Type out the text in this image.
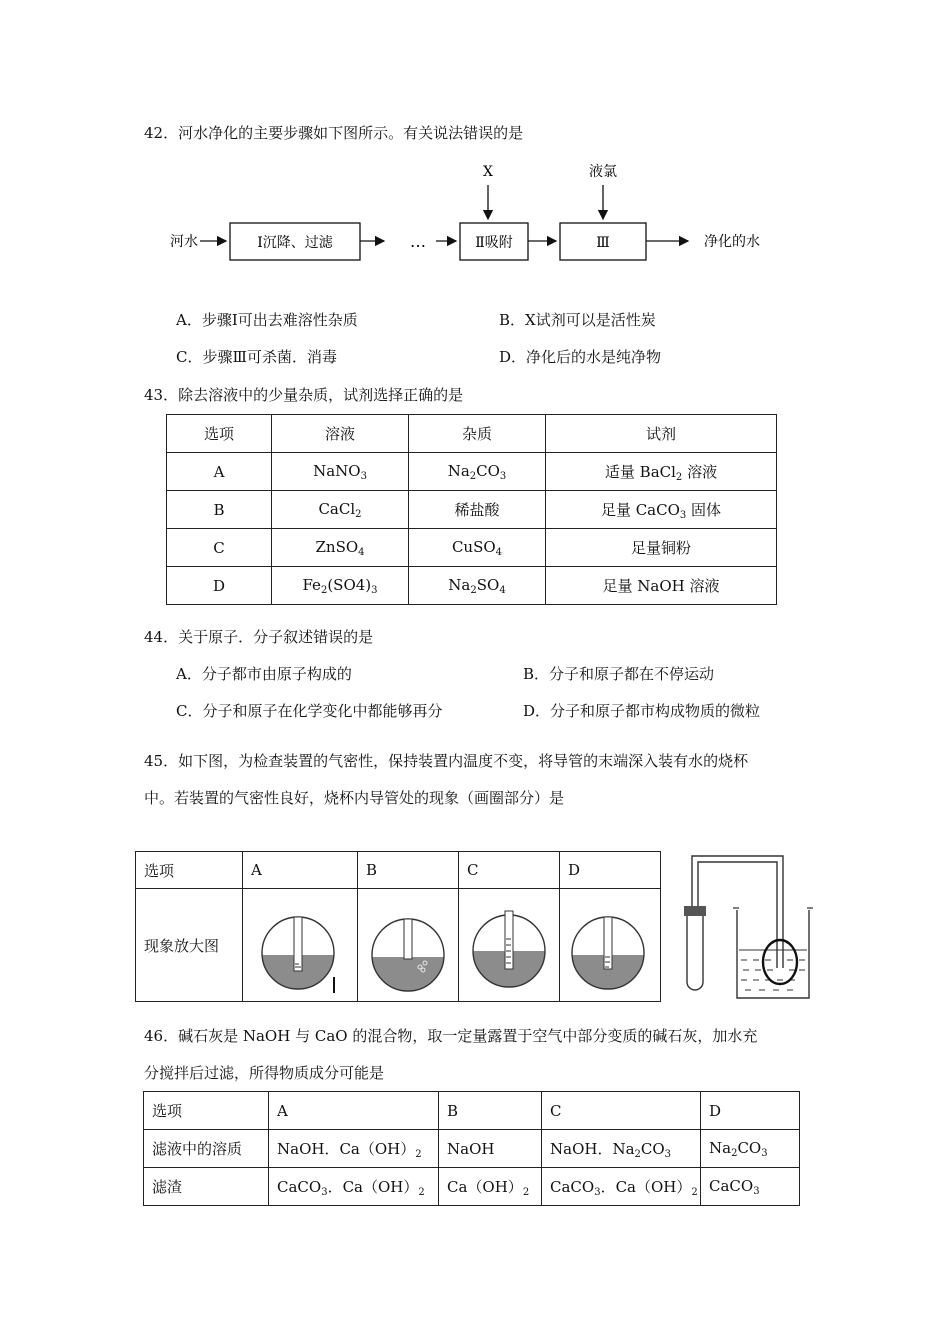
42．河水净化的主要步骤如下图所示。有关说法错误的是
河水	Ⅰ沉降、过滤	…	Ⅱ吸附	Ⅲ	净化的水
X	液氯
A．步骤Ⅰ可出去难溶性杂质	B．X试剂可以是活性炭
C．步骤Ⅲ可杀菌．消毒	D．净化后的水是纯净物
43．除去溶液中的少量杂质，试剂选择正确的是
选项	溶液	杂质	试剂
A	NaNO$_3$	$Na_2CO_3$	适量 BaCl$_2$ 溶液
B	CaCl$_2$	稀盐酸	足量 CaCO$_3$ 固体
C	ZnSO$_4$	CuSO$_4$	足量铜粉
D	$Fe_2(SO4)_3$	$Na_2SO_4$	足量 NaOH 溶液
44．关于原子．分子叙述错误的是
A．分子都市由原子构成的	B．分子和原子都在不停运动
C．分子和原子在化学变化中都能够再分	D．分子和原子都市构成物质的微粒
45．如下图，为检查装置的气密性，保持装置内温度不变，将导管的末端深入装有水的烧杯
中。若装置的气密性良好，烧杯内导管处的现象（画圈部分）是
选项	A	B	C	D
现象放大图				
46．碱石灰是 NaOH 与 CaO 的混合物，取一定量露置于空气中部分变质的碱石灰，加水充
分搅拌后过滤，所得物质成分可能是
选项	A	B	C	D
滤液中的溶质	NaOH．$Ca(OH)_2$	NaOH	NaOH．$Na_2CO_3$	$Na_2CO_3$
滤渣	CaCO$_3$．$Ca(OH)_2$	$Ca(OH)_2$	CaCO$_3$．$Ca(OH)_2$	CaCO$_3$
